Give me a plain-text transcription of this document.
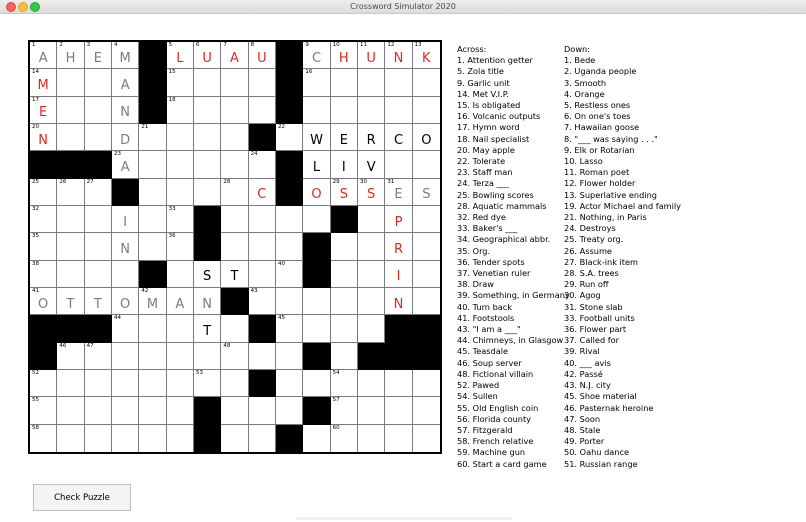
Crossword Simulator 2020
1
A
2
H
3
E
4
M
5
L
6
U
7
A
8
U
9
C
10
H
11
U
12
N
13
K
14
M	A
15	16
17
E	N
18
20
N	D
21	22
W	E	R	C	O
23
A
24
L	I	V
25	26	27	28
C	O
29
S
30
S
31
E	S
32
I
33
P
35
N
36
R
38
S	T
40
I
41
O	T	T	O
42
M	A	N
43
N
44
T
45
46	47	48
52	53	54
55	57
58	60
Across:
1. Attention getter
5. Zola title
9. Garlic unit
14. Met V.I.P.
15. Is obligated
16. Volcanic outputs
17. Hymn word
18. Nail specialist
20. May apple
22. Tolerate
23. Staff man
24. Terza ___
25. Bowling scores
28. Aquatic mammals
32. Red dye
33. Baker's ___
34. Geographical abbr.
35. Org.
36. Tender spots
37. Venetian ruler
38. Draw
39. Something, in Germany
40. Turn back
41. Footstools
43. "I am a ___"
44. Chimneys, in Glasgow
45. Teasdale
46. Soup server
48. Fictional villain
52. Pawed
54. Sullen
55. Old English coin
56. Florida county
57. Fitzgerald
58. French relative
59. Machine gun
60. Start a card game
Down:
1. Bede
2. Uganda people
3. Smooth
4. Orange
5. Restless ones
6. On one's toes
7. Hawaiian goose
8. "___ was saying . . ."
9. Elk or Rotarian
10. Lasso
11. Roman poet
12. Flower holder
13. Superlative ending
19. Actor Michael and family
21. Nothing, in Paris
24. Destroys
25. Treaty org.
26. Assume
27. Black-ink item
28. S.A. trees
29. Run off
30. Agog
31. Stone slab
33. Football units
36. Flower part
37. Called for
39. Rival
40. ___ avis
42. Passé
43. N.J. city
45. Shoe material
46. Pasternak heroine
47. Soon
48. Stale
49. Porter
50. Oahu dance
51. Russian range
Check Puzzle
